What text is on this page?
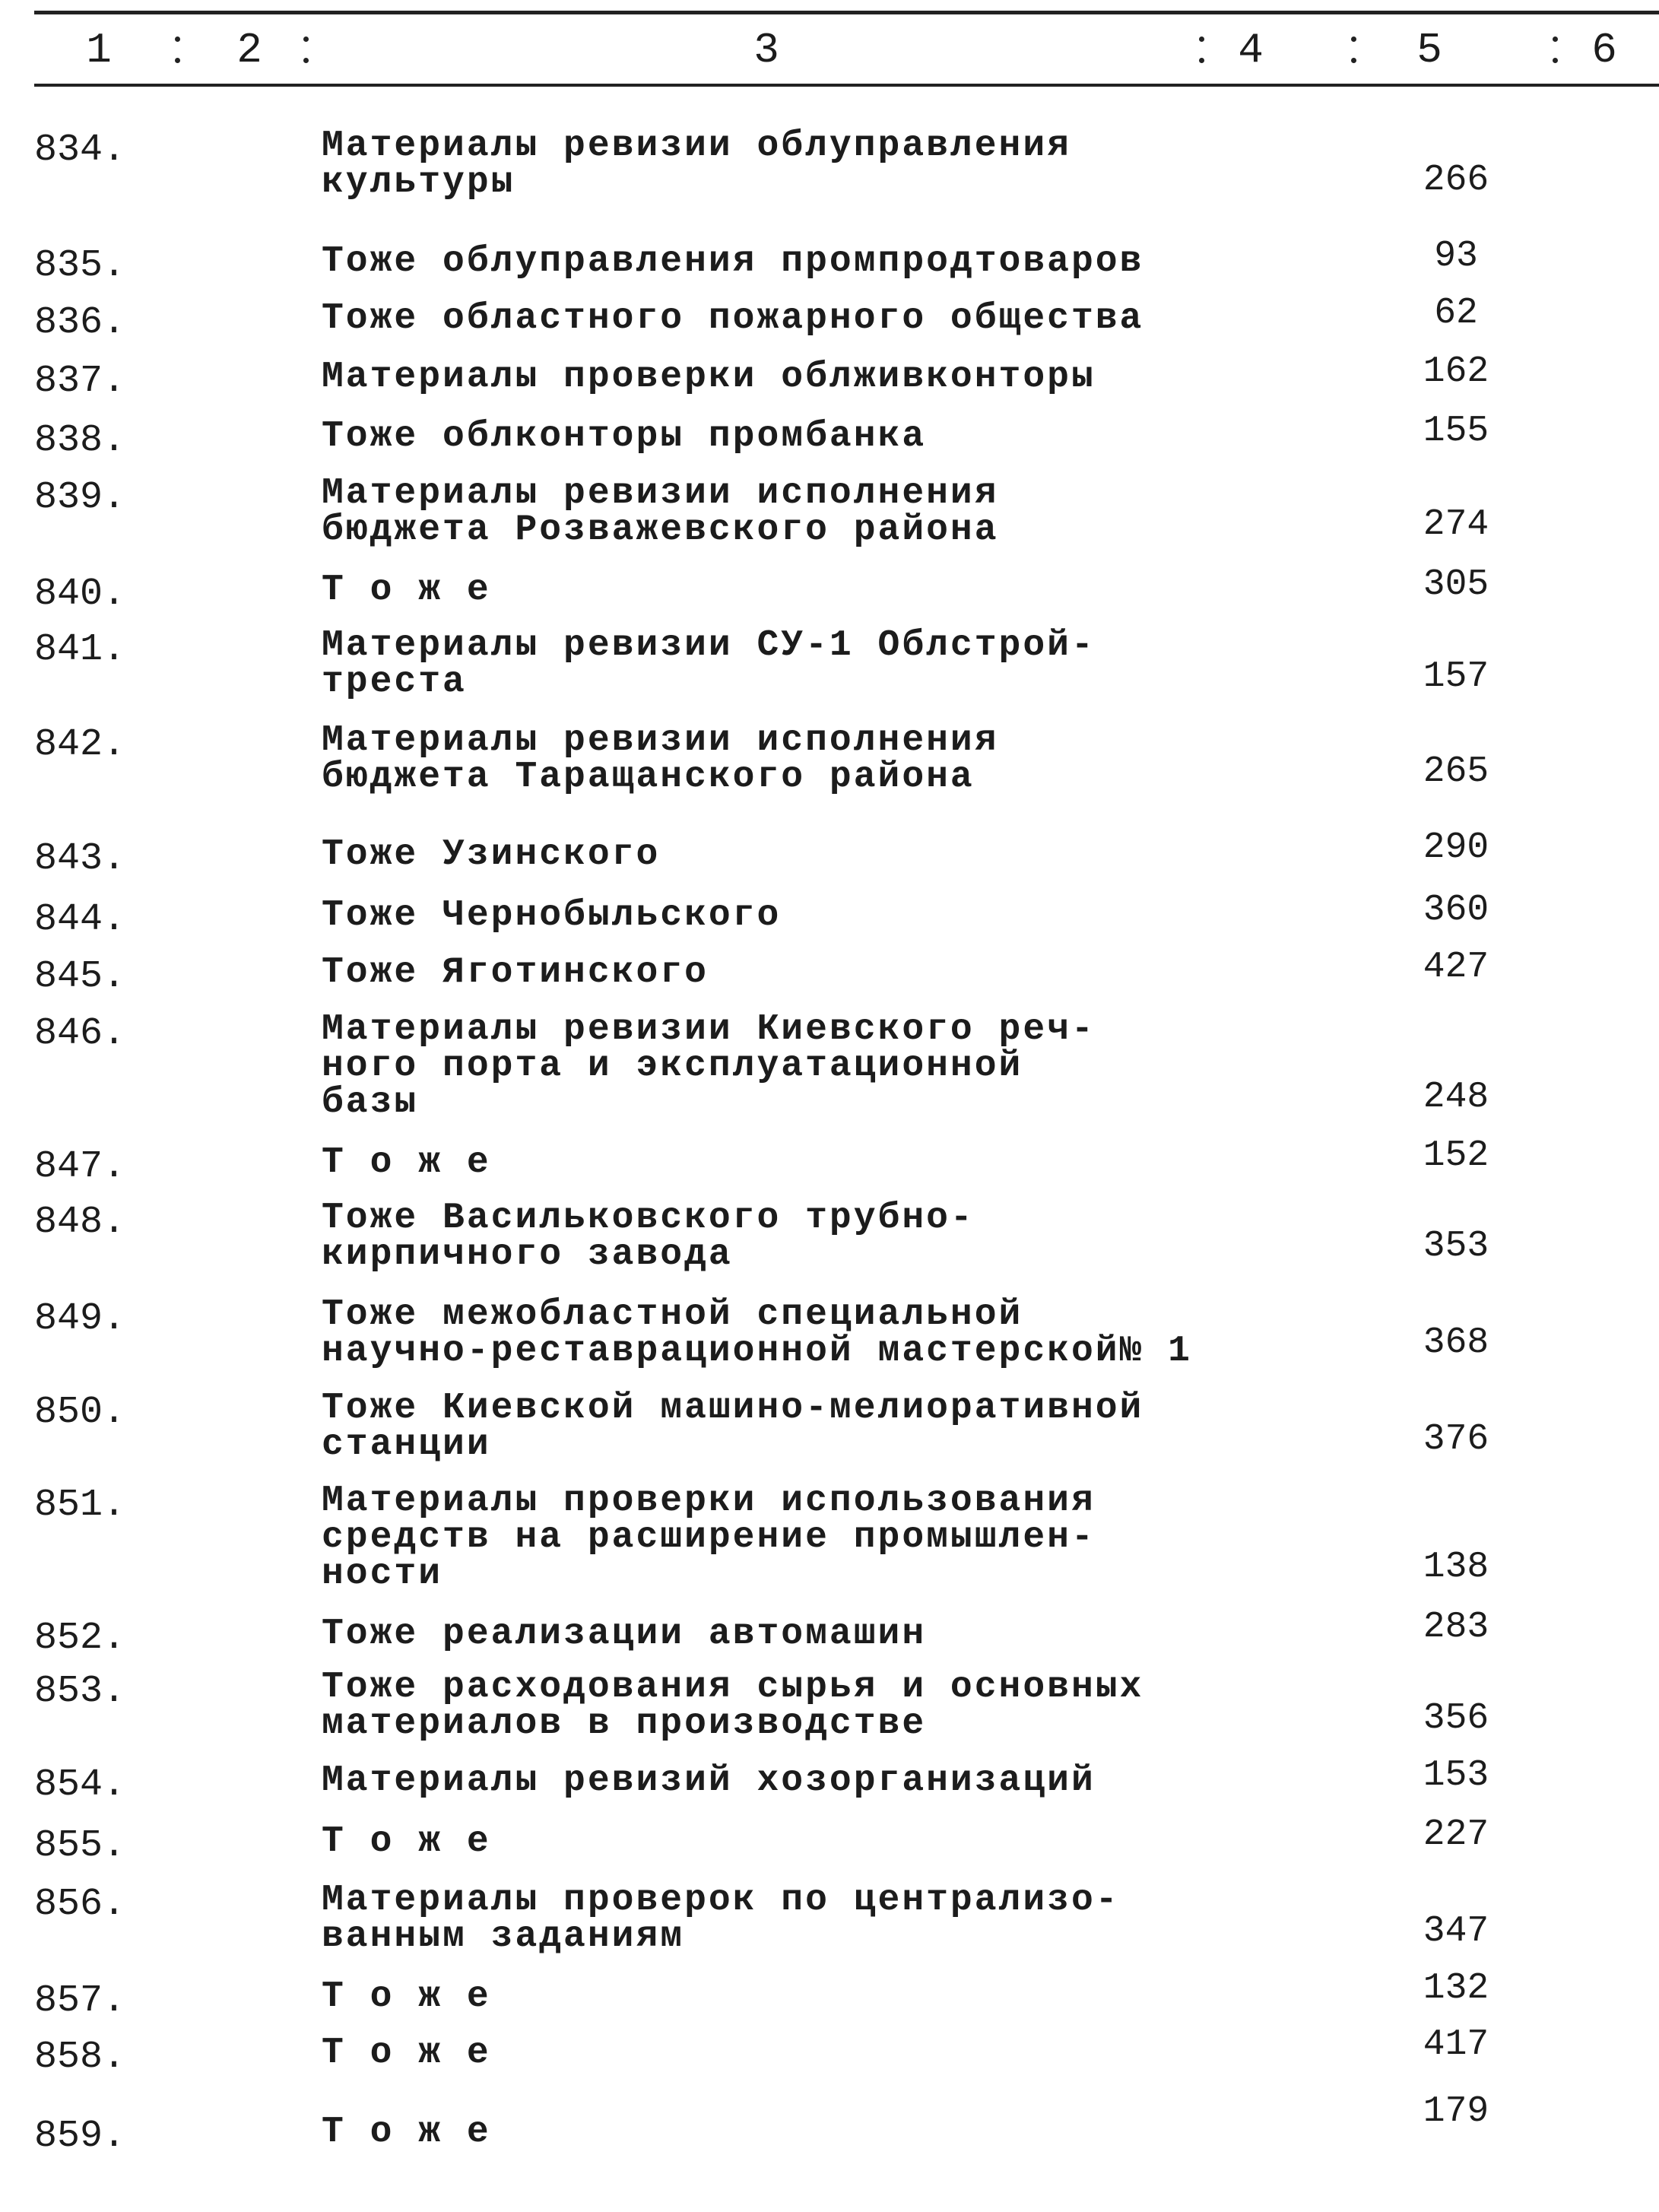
1	2	3	4	5	6
834.	Материалы ревизии облуправления
культуры	266
835.	Тоже облуправления промпродтоваров	93
836.	Тоже областного пожарного общества	62
837.	Материалы проверки облживконторы	162
838.	Тоже облконторы промбанка	155
839.	Материалы ревизии исполнения
бюджета Розважевского района	274
840.	Т о ж е	305
841.	Материалы ревизии СУ-1 Облстрой-
треста	157
842.	Материалы ревизии исполнения
бюджета Таращанского района	265
843.	Тоже Узинского	290
844.	Тоже Чернобыльского	360
845.	Тоже Яготинского	427
846.	Материалы ревизии Киевского реч-
ного порта и эксплуатационной
базы	248
847.	Т о ж е	152
848.	Тоже Васильковского трубно-
кирпичного завода	353
849.	Тоже межобластной специальной
научно-реставрационной мастерской№ 1	368
850.	Тоже Киевской машино-мелиоративной
станции	376
851.	Материалы проверки использования
средств на расширение промышлен-
ности	138
852.	Тоже реализации автомашин	283
853.	Тоже расходования сырья и основных
материалов в производстве	356
854.	Материалы ревизий хозорганизаций	153
855.	Т о ж е	227
856.	Материалы проверок по централизо-
ванным заданиям	347
857.	Т о ж е	132
858.	Т о ж е	417
859.	Т о ж е	179
